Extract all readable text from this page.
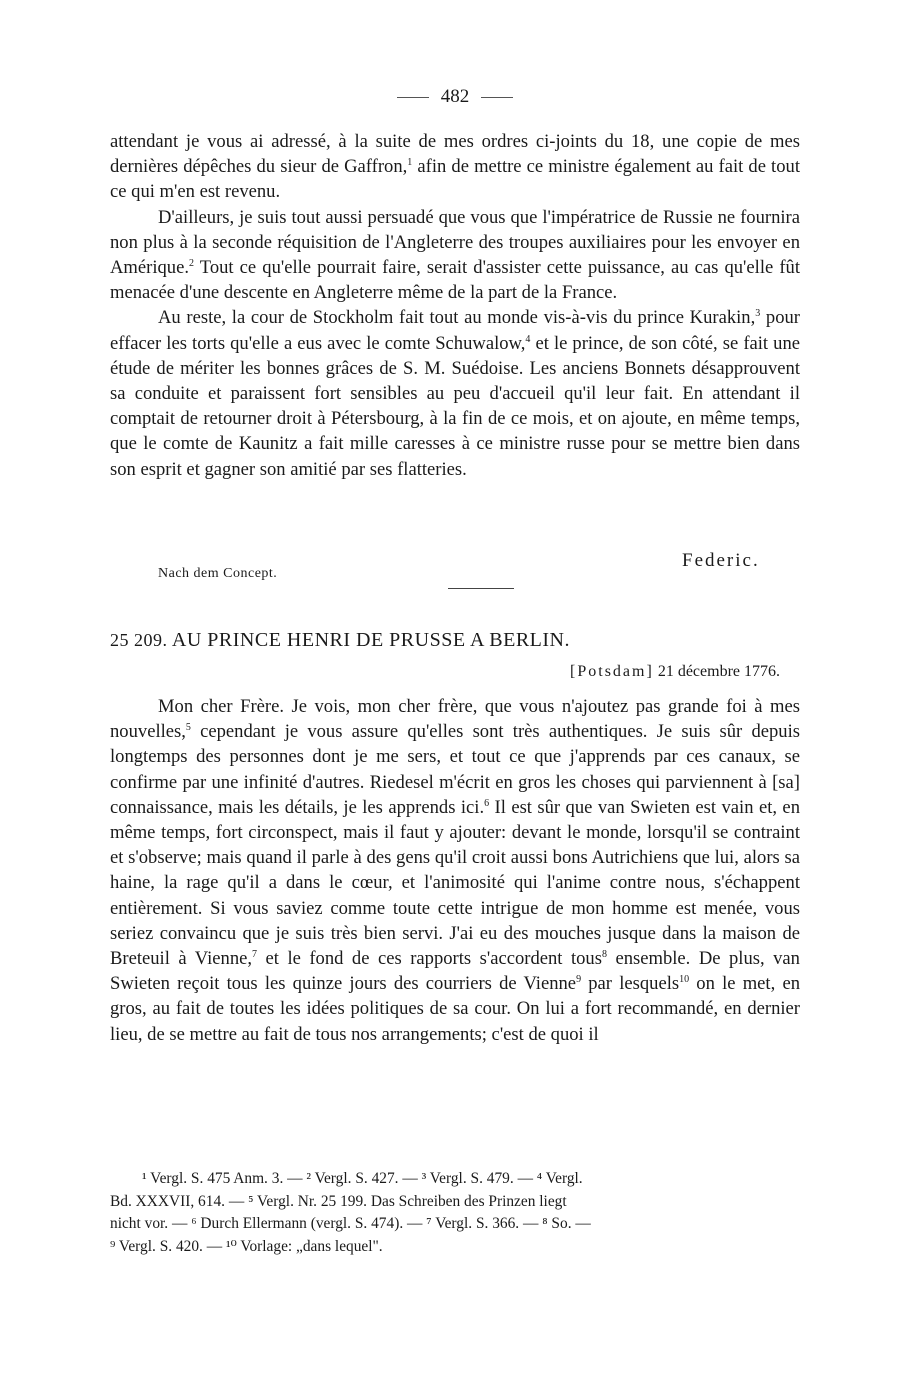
482

attendant je vous ai adressé, à la suite de mes ordres ci-joints du 18, une copie de mes dernières dépêches du sieur de Gaffron,$^1$ afin de mettre ce ministre également au fait de tout ce qui m'en est revenu.

D'ailleurs, je suis tout aussi persuadé que vous que l'impératrice de Russie ne fournira non plus à la seconde réquisition de l'Angleterre des troupes auxiliaires pour les envoyer en Amérique.$^2$ Tout ce qu'elle pourrait faire, serait d'assister cette puissance, au cas qu'elle fût menacée d'une descente en Angleterre même de la part de la France.

Au reste, la cour de Stockholm fait tout au monde vis-à-vis du prince Kurakin,$^3$ pour effacer les torts qu'elle a eus avec le comte Schuwalow,$^4$ et le prince, de son côté, se fait une étude de mériter les bonnes grâces de S. M. Suédoise. Les anciens Bonnets désapprouvent sa conduite et paraissent fort sensibles au peu d'accueil qu'il leur fait. En attendant il comptait de retourner droit à Pétersbourg, à la fin de ce mois, et on ajoute, en même temps, que le comte de Kaunitz a fait mille caresses à ce ministre russe pour se mettre bien dans son esprit et gagner son amitié par ses flatteries.

Federic.
Nach dem Concept.
25 209. AU PRINCE HENRI DE PRUSSE A BERLIN.
[Potsdam] 21 décembre 1776.

Mon cher Frère. Je vois, mon cher frère, que vous n'ajoutez pas grande foi à mes nouvelles,$^5$ cependant je vous assure qu'elles sont très authentiques. Je suis sûr depuis longtemps des personnes dont je me sers, et tout ce que j'apprends par ces canaux, se confirme par une infinité d'autres. Riedesel m'écrit en gros les choses qui parviennent à [sa] connaissance, mais les détails, je les apprends ici.$^6$ Il est sûr que van Swieten est vain et, en même temps, fort circonspect, mais il faut y ajouter: devant le monde, lorsqu'il se contraint et s'observe; mais quand il parle à des gens qu'il croit aussi bons Autrichiens que lui, alors sa haine, la rage qu'il a dans le cœur, et l'animosité qui l'anime contre nous, s'échappent entièrement. Si vous saviez comme toute cette intrigue de mon homme est menée, vous seriez convaincu que je suis très bien servi. J'ai eu des mouches jusque dans la maison de Breteuil à Vienne,$^7$ et le fond de ces rapports s'accordent tous$^8$ ensemble. De plus, van Swieten reçoit tous les quinze jours des courriers de Vienne$^9$ par lesquels$^{10}$ on le met, en gros, au fait de toutes les idées politiques de sa cour. On lui a fort recommandé, en dernier lieu, de se mettre au fait de tous nos arrangements; c'est de quoi il

¹ Vergl. S. 475 Anm. 3. — ² Vergl. S. 427. — ³ Vergl. S. 479. — ⁴ Vergl.
Bd. XXXVII, 614. — ⁵ Vergl. Nr. 25 199. Das Schreiben des Prinzen liegt
nicht vor. — ⁶ Durch Ellermann (vergl. S. 474). — ⁷ Vergl. S. 366. — ⁸ So. —
⁹ Vergl. S. 420. — ¹⁰ Vorlage: „dans lequel".
